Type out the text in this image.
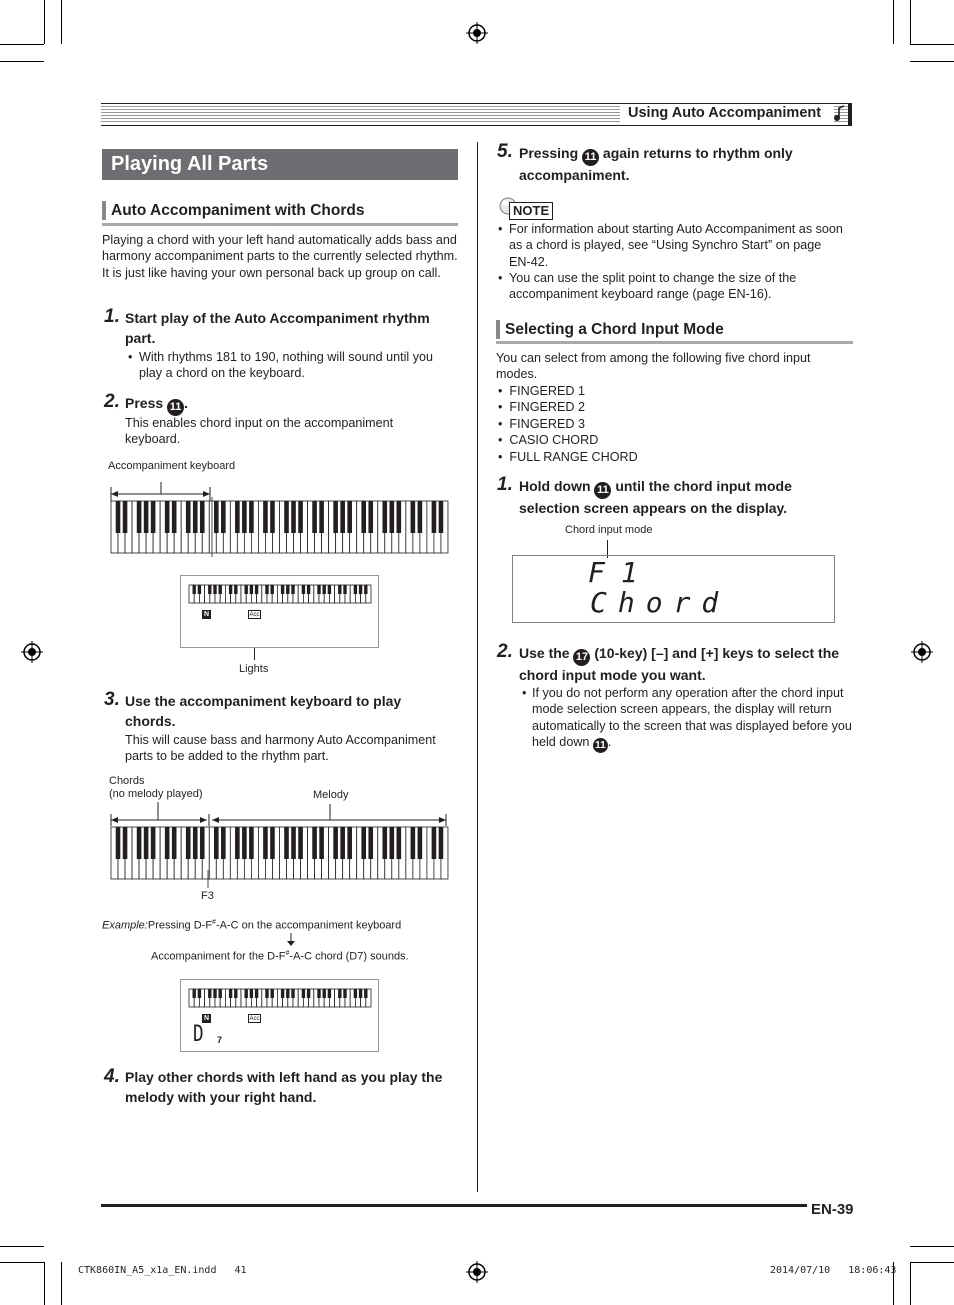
Using Auto Accompaniment
Playing All Parts
Auto Accompaniment with Chords
Playing a chord with your left hand automatically adds bass and harmony accompaniment parts to the currently selected rhythm. It is just like having your own personal back up group on call.
1. Start play of the Auto Accompaniment rhythm part.
• With rhythms 181 to 190, nothing will sound until you play a chord on the keyboard.
2. Press 11 .
This enables chord input on the accompaniment keyboard.
Accompaniment keyboard
N	Acc
Lights
3. Use the accompaniment keyboard to play chords.
This will cause bass and harmony Auto Accompaniment parts to be added to the rhythm part.
Chords
(no melody played)	Melody
F3
Example:Pressing D-F#-A-C on the accompaniment keyboard
Accompaniment for the D-F#-A-C chord (D7) sounds.
N	Acc
D 7
4. Play other chords with left hand as you play the melody with your right hand.
5. Pressing 11 again returns to rhythm only accompaniment.
NOTE
• For information about starting Auto Accompaniment as soon as a chord is played, see “Using Synchro Start” on page EN-42.
• You can use the split point to change the size of the accompaniment keyboard range (page EN-16).
Selecting a Chord Input Mode
You can select from among the following five chord input modes.
•  FINGERED 1
•  FINGERED 2
•  FINGERED 3
•  CASIO CHORD
•  FULL RANGE CHORD
1. Hold down 11 until the chord input mode selection screen appears on the display.
Chord input mode
F1
Chord
2. Use the 17 (10-key) [–] and [+] keys to select the chord input mode you want.
• If you do not perform any operation after the chord input mode selection screen appears, the display will return automatically to the screen that was displayed before you held down 11 .
EN-39
CTK860IN_A5_x1a_EN.indd   41	2014/07/10   18:06:43
